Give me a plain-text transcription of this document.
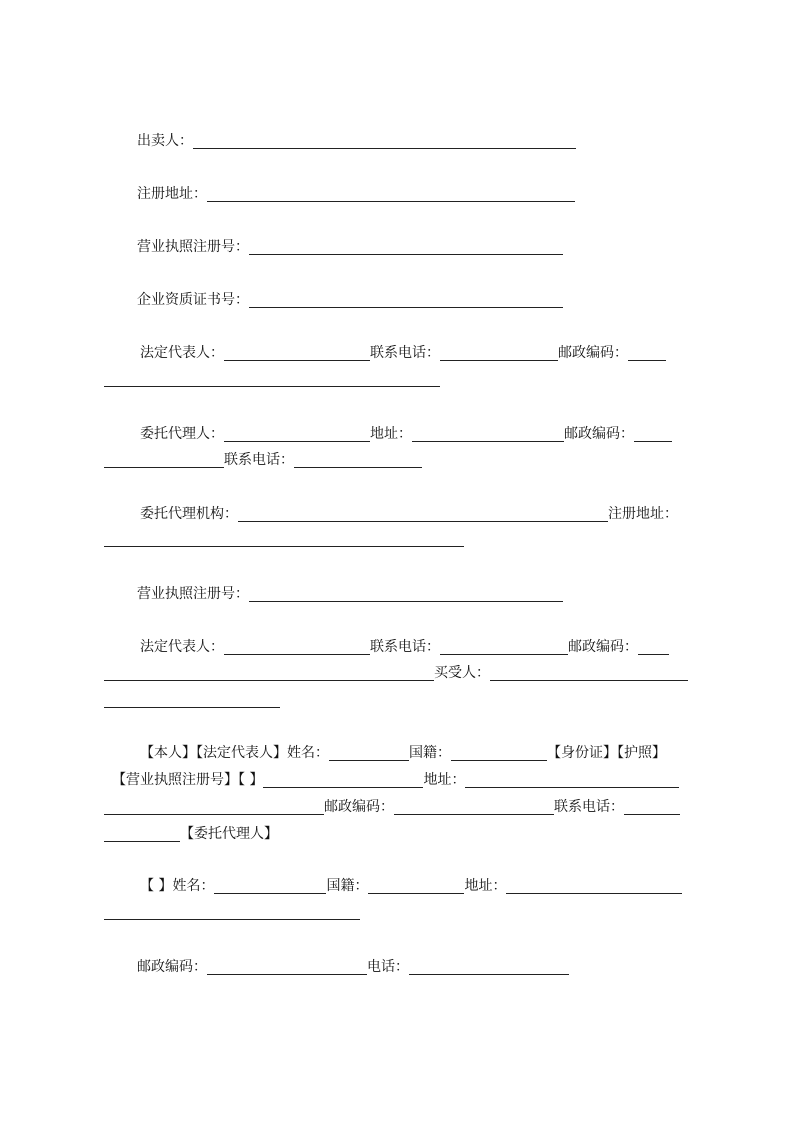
出卖人：
注册地址：
营业执照注册号：
企业资质证书号：
法定代表人：	联系电话：	邮政编码：
委托代理人：	地址：	邮政编码：
联系电话：
委托代理机构：	注册地址：
营业执照注册号：
法定代表人：	联系电话：	邮政编码：
买受人：
【本人】【法定代表人】姓名：	国籍：	【身份证】【护照】
【营业执照注册号】【 】	地址：
邮政编码：	联系电话：
【委托代理人】
【 】姓名：	国籍：	地址：
邮政编码：	电话：
